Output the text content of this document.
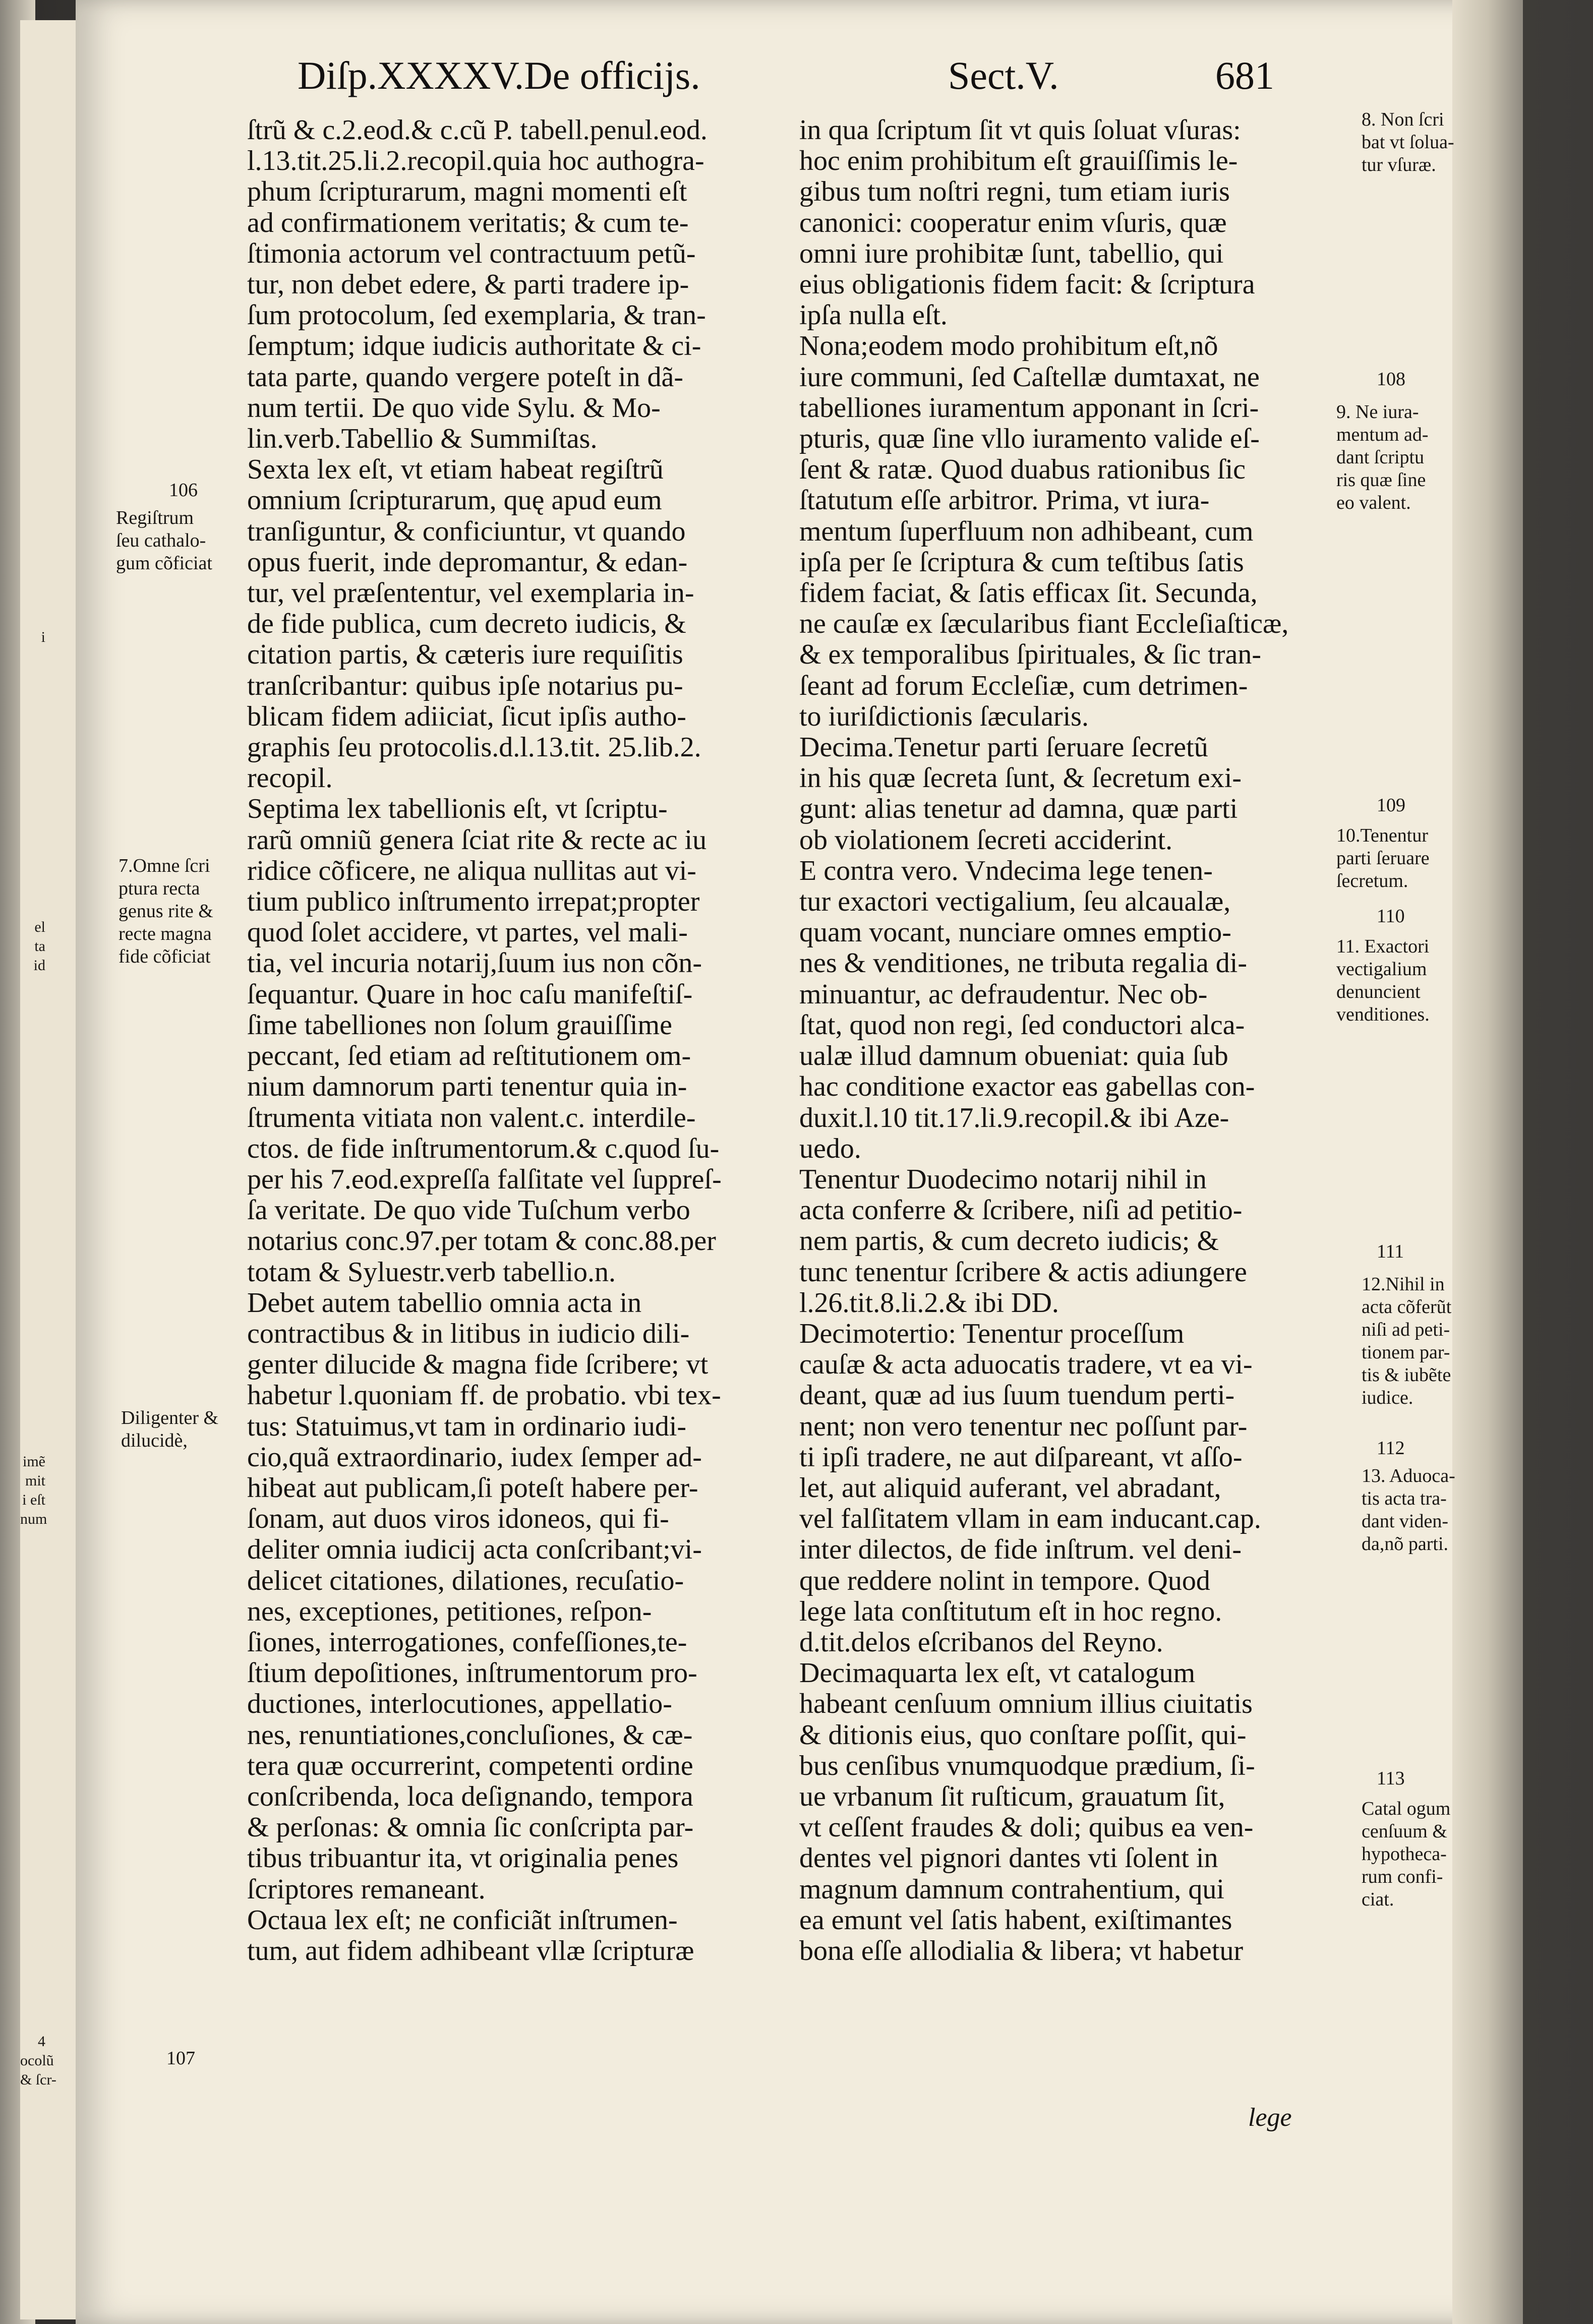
i
el
ta
id
imẽ
mit
i eſt
num
4
ocolũ
& ſcr-
Diſp.XXXXV.De officijs.	Sect.V.	681
ſtrũ & c.2.eod.& c.cũ P. tabell.penul.eod.
l.13.tit.25.li.2.recopil.quia hoc authogra-
phum ſcripturarum, magni momenti eſt
ad confirmationem veritatis; & cum te-
ſtimonia actorum vel contractuum petũ-
tur, non debet edere, & parti tradere ip-
ſum protocolum, ſed exemplaria, & tran-
ſemptum; idque iudicis authoritate & ci-
tata parte, quando vergere poteſt in dã-
num tertii. De quo vide Sylu. & Mo-
lin.verb.Tabellio & Summiſtas.
Sexta lex eſt, vt etiam habeat regiſtrũ
omnium ſcripturarum, quę apud eum
tranſiguntur, & conficiuntur, vt quando
opus fuerit, inde depromantur, & edan-
tur, vel præſententur, vel exemplaria in-
de fide publica, cum decreto iudicis, &
citation partis, & cæteris iure requiſitis
tranſcribantur: quibus ipſe notarius pu-
blicam fidem adiiciat, ſicut ipſis autho-
graphis ſeu protocolis.d.l.13.tit. 25.lib.2.
recopil.
Septima lex tabellionis eſt, vt ſcriptu-
rarũ omniũ genera ſciat rite & recte ac iu
ridice cõficere, ne aliqua nullitas aut vi-
tium publico inſtrumento irrepat;propter
quod ſolet accidere, vt partes, vel mali-
tia, vel incuria notarij,ſuum ius non cõn-
ſequantur. Quare in hoc caſu manifeſtiſ-
ſime tabelliones non ſolum grauiſſime
peccant, ſed etiam ad reſtitutionem om-
nium damnorum parti tenentur quia in-
ſtrumenta vitiata non valent.c. interdile-
ctos. de fide inſtrumentorum.& c.quod ſu-
per his 7.eod.expreſſa falſitate vel ſuppreſ-
ſa veritate. De quo vide Tuſchum verbo
notarius conc.97.per totam & conc.88.per
totam & Syluestr.verb tabellio.n.
Debet autem tabellio omnia acta in
contractibus & in litibus in iudicio dili-
genter dilucide & magna fide ſcribere; vt
habetur l.quoniam ff. de probatio. vbi tex-
tus: Statuimus,vt tam in ordinario iudi-
cio,quã extraordinario, iudex ſemper ad-
hibeat aut publicam,ſi poteſt habere per-
ſonam, aut duos viros idoneos, qui fi-
deliter omnia iudicij acta conſcribant;vi-
delicet citationes, dilationes, recuſatio-
nes, exceptiones, petitiones, reſpon-
ſiones, interrogationes, confeſſiones,te-
ſtium depoſitiones, inſtrumentorum pro-
ductiones, interlocutiones, appellatio-
nes, renuntiationes,concluſiones, & cæ-
tera quæ occurrerint, competenti ordine
conſcribenda, loca deſignando, tempora
& perſonas: & omnia ſic conſcripta par-
tibus tribuantur ita, vt originalia penes
ſcriptores remaneant.
Octaua lex eſt; ne conficiãt inſtrumen-
tum, aut fidem adhibeant vllæ ſcripturæ
in qua ſcriptum ſit vt quis ſoluat vſuras:
hoc enim prohibitum eſt grauiſſimis le-
gibus tum noſtri regni, tum etiam iuris
canonici: cooperatur enim vſuris, quæ
omni iure prohibitæ ſunt, tabellio, qui
eius obligationis fidem facit: & ſcriptura
ipſa nulla eſt.
Nona;eodem modo prohibitum eſt,nõ
iure communi, ſed Caſtellæ dumtaxat, ne
tabelliones iuramentum apponant in ſcri-
pturis, quæ ſine vllo iuramento valide eſ-
ſent & ratæ. Quod duabus rationibus ſic
ſtatutum eſſe arbitror. Prima, vt iura-
mentum ſuperfluum non adhibeant, cum
ipſa per ſe ſcriptura & cum teſtibus ſatis
fidem faciat, & ſatis efficax ſit. Secunda,
ne cauſæ ex ſæcularibus fiant Eccleſiaſticæ,
& ex temporalibus ſpirituales, & ſic tran-
ſeant ad forum Eccleſiæ, cum detrimen-
to iuriſdictionis ſæcularis.
Decima.Tenetur parti ſeruare ſecretũ
in his quæ ſecreta ſunt, & ſecretum exi-
gunt: alias tenetur ad damna, quæ parti
ob violationem ſecreti acciderint.
E contra vero. Vndecima lege tenen-
tur exactori vectigalium, ſeu alcaualæ,
quam vocant, nunciare omnes emptio-
nes & venditiones, ne tributa regalia di-
minuantur, ac defraudentur. Nec ob-
ſtat, quod non regi, ſed conductori alca-
ualæ illud damnum obueniat: quia ſub
hac conditione exactor eas gabellas con-
duxit.l.10 tit.17.li.9.recopil.& ibi Aze-
uedo.
Tenentur Duodecimo notarij nihil in
acta conferre & ſcribere, niſi ad petitio-
nem partis, & cum decreto iudicis; &
tunc tenentur ſcribere & actis adiungere
l.26.tit.8.li.2.& ibi DD.
Decimotertio: Tenentur proceſſum
cauſæ & acta aduocatis tradere, vt ea vi-
deant, quæ ad ius ſuum tuendum perti-
nent; non vero tenentur nec poſſunt par-
ti ipſi tradere, ne aut diſpareant, vt aſſo-
let, aut aliquid auferant, vel abradant,
vel falſitatem vllam in eam inducant.cap.
inter dilectos, de fide inſtrum. vel deni-
que reddere nolint in tempore. Quod
lege lata conſtitutum eſt in hoc regno.
d.tit.delos eſcribanos del Reyno.
Decimaquarta lex eſt, vt catalogum
habeant cenſuum omnium illius ciuitatis
& ditionis eius, quo conſtare poſſit, qui-
bus cenſibus vnumquodque prædium, ſi-
ue vrbanum ſit ruſticum, grauatum ſit,
vt ceſſent fraudes & doli; quibus ea ven-
dentes vel pignori dantes vti ſolent in
magnum damnum contrahentium, qui
ea emunt vel ſatis habent, exiſtimantes
bona eſſe allodialia & libera; vt habetur
106
Regiſtrum
ſeu cathalo-
gum cõficiat
7.Omne ſcri
ptura recta
genus rite &
recte magna
fide cõficiat
Diligenter &
dilucidè,
107
8. Non ſcri
bat vt ſolua-
tur vſuræ.
108
9. Ne iura-
mentum ad-
dant ſcriptu
ris quæ ſine
eo valent.
109
10.Tenentur
parti ſeruare
ſecretum.
110
11. Exactori
vectigalium
denuncient
venditiones.
111
12.Nihil in
acta cõferũt
niſi ad peti-
tionem par-
tis & iubẽte
iudice.
112
13. Aduoca-
tis acta tra-
dant viden-
da,nõ parti.
113
Catal ogum
cenſuum &
hypotheca-
rum confi-
ciat.
lege
